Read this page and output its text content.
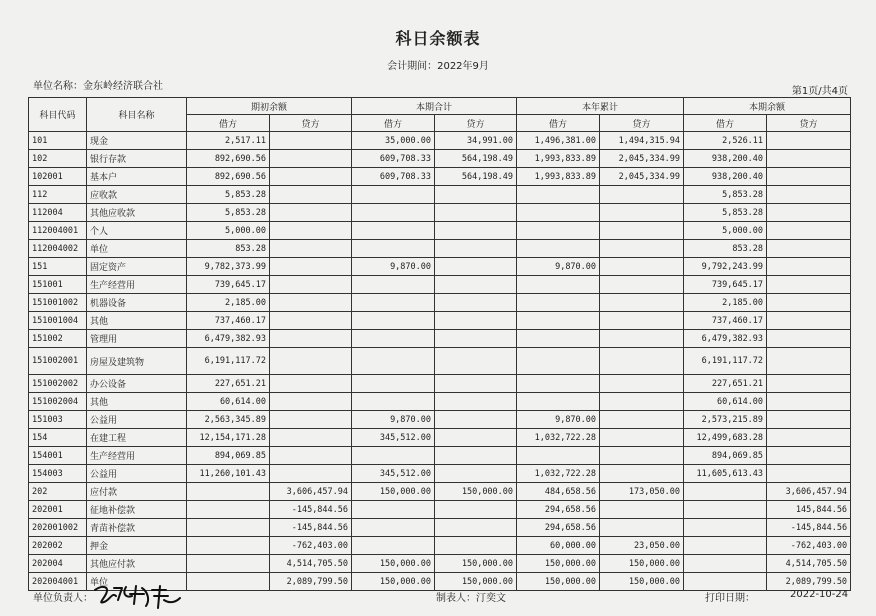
科日余额表
会计期间：2022年9月
单位名称：金东岭经济联合社	第1页/共4页
科目代码	科目名称	期初余额		本期合计		本年累计		本期余额	
		借方	贷方	借方	贷方	借方	贷方	借方	贷方
101	现金	2,517.11		35,000.00	34,991.00	1,496,381.00	1,494,315.94	2,526.11	
102	银行存款	892,690.56		609,708.33	564,198.49	1,993,833.89	2,045,334.99	938,200.40	
102001	基本户	892,690.56		609,708.33	564,198.49	1,993,833.89	2,045,334.99	938,200.40	
112	应收款	5,853.28						5,853.28	
112004	其他应收款	5,853.28						5,853.28	
112004001	个人	5,000.00						5,000.00	
112004002	单位	853.28						853.28	
151	固定资产	9,782,373.99		9,870.00		9,870.00		9,792,243.99	
151001	生产经营用	739,645.17						739,645.17	
151001002	机器设备	2,185.00						2,185.00	
151001004	其他	737,460.17						737,460.17	
151002	管理用	6,479,382.93						6,479,382.93	
151002001	房屋及建筑物	6,191,117.72						6,191,117.72	
151002002	办公设备	227,651.21						227,651.21	
151002004	其他	60,614.00						60,614.00	
151003	公益用	2,563,345.89		9,870.00		9,870.00		2,573,215.89	
154	在建工程	12,154,171.28		345,512.00		1,032,722.28		12,499,683.28	
154001	生产经营用	894,069.85						894,069.85	
154003	公益用	11,260,101.43		345,512.00		1,032,722.28		11,605,613.43	
202	应付款		3,606,457.94	150,000.00	150,000.00	484,658.56	173,050.00		3,606,457.94
202001	征地补偿款		-145,844.56			294,658.56			145,844.56
202001002	青苗补偿款		-145,844.56			294,658.56			-145,844.56
202002	押金		-762,403.00			60,000.00	23,050.00		-762,403.00
202004	其他应付款		4,514,705.50	150,000.00	150,000.00	150,000.00	150,000.00		4,514,705.50
202004001	单位		2,089,799.50	150,000.00	150,000.00	150,000.00	150,000.00		2,089,799.50
单位负责人：	制表人：汀奕文	打印日期：	2022-10-24
